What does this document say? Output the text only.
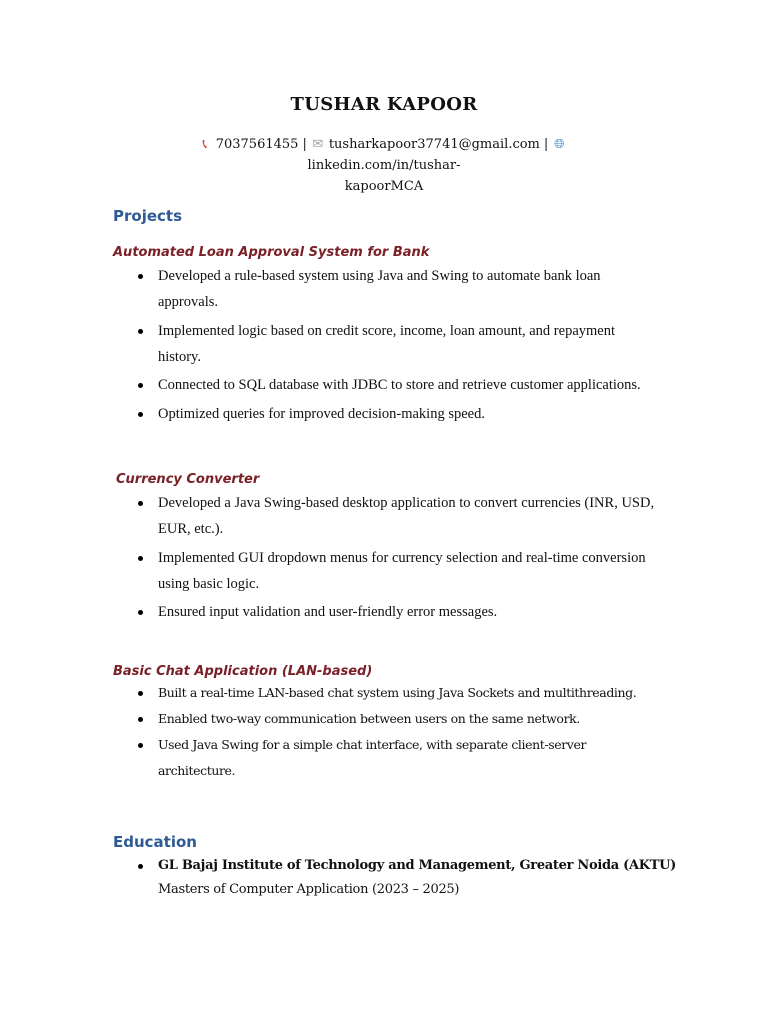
TUSHAR KAPOOR
📞︎ 7037561455 | ✉ tusharkapoor37741@gmail.com | 🌐︎linkedin.com/in/tushar-
kapoorMCA
Projects
Automated Loan Approval System for Bank
Developed a rule-based system using Java and Swing to automate bank loan approvals.
Implemented logic based on credit score, income, loan amount, and repayment history.
Connected to SQL database with JDBC to store and retrieve customer applications.
Optimized queries for improved decision-making speed.
Currency Converter
Developed a Java Swing-based desktop application to convert currencies (INR, USD, EUR, etc.).
Implemented GUI dropdown menus for currency selection and real-time conversion using basic logic.
Ensured input validation and user-friendly error messages.
Basic Chat Application (LAN-based)
Built a real-time LAN-based chat system using Java Sockets and multithreading.
Enabled two-way communication between users on the same network.
Used Java Swing for a simple chat interface, with separate client-server architecture.
Education
GL Bajaj Institute of Technology and Management, Greater Noida (AKTU)
Masters of Computer Application (2023 – 2025)
